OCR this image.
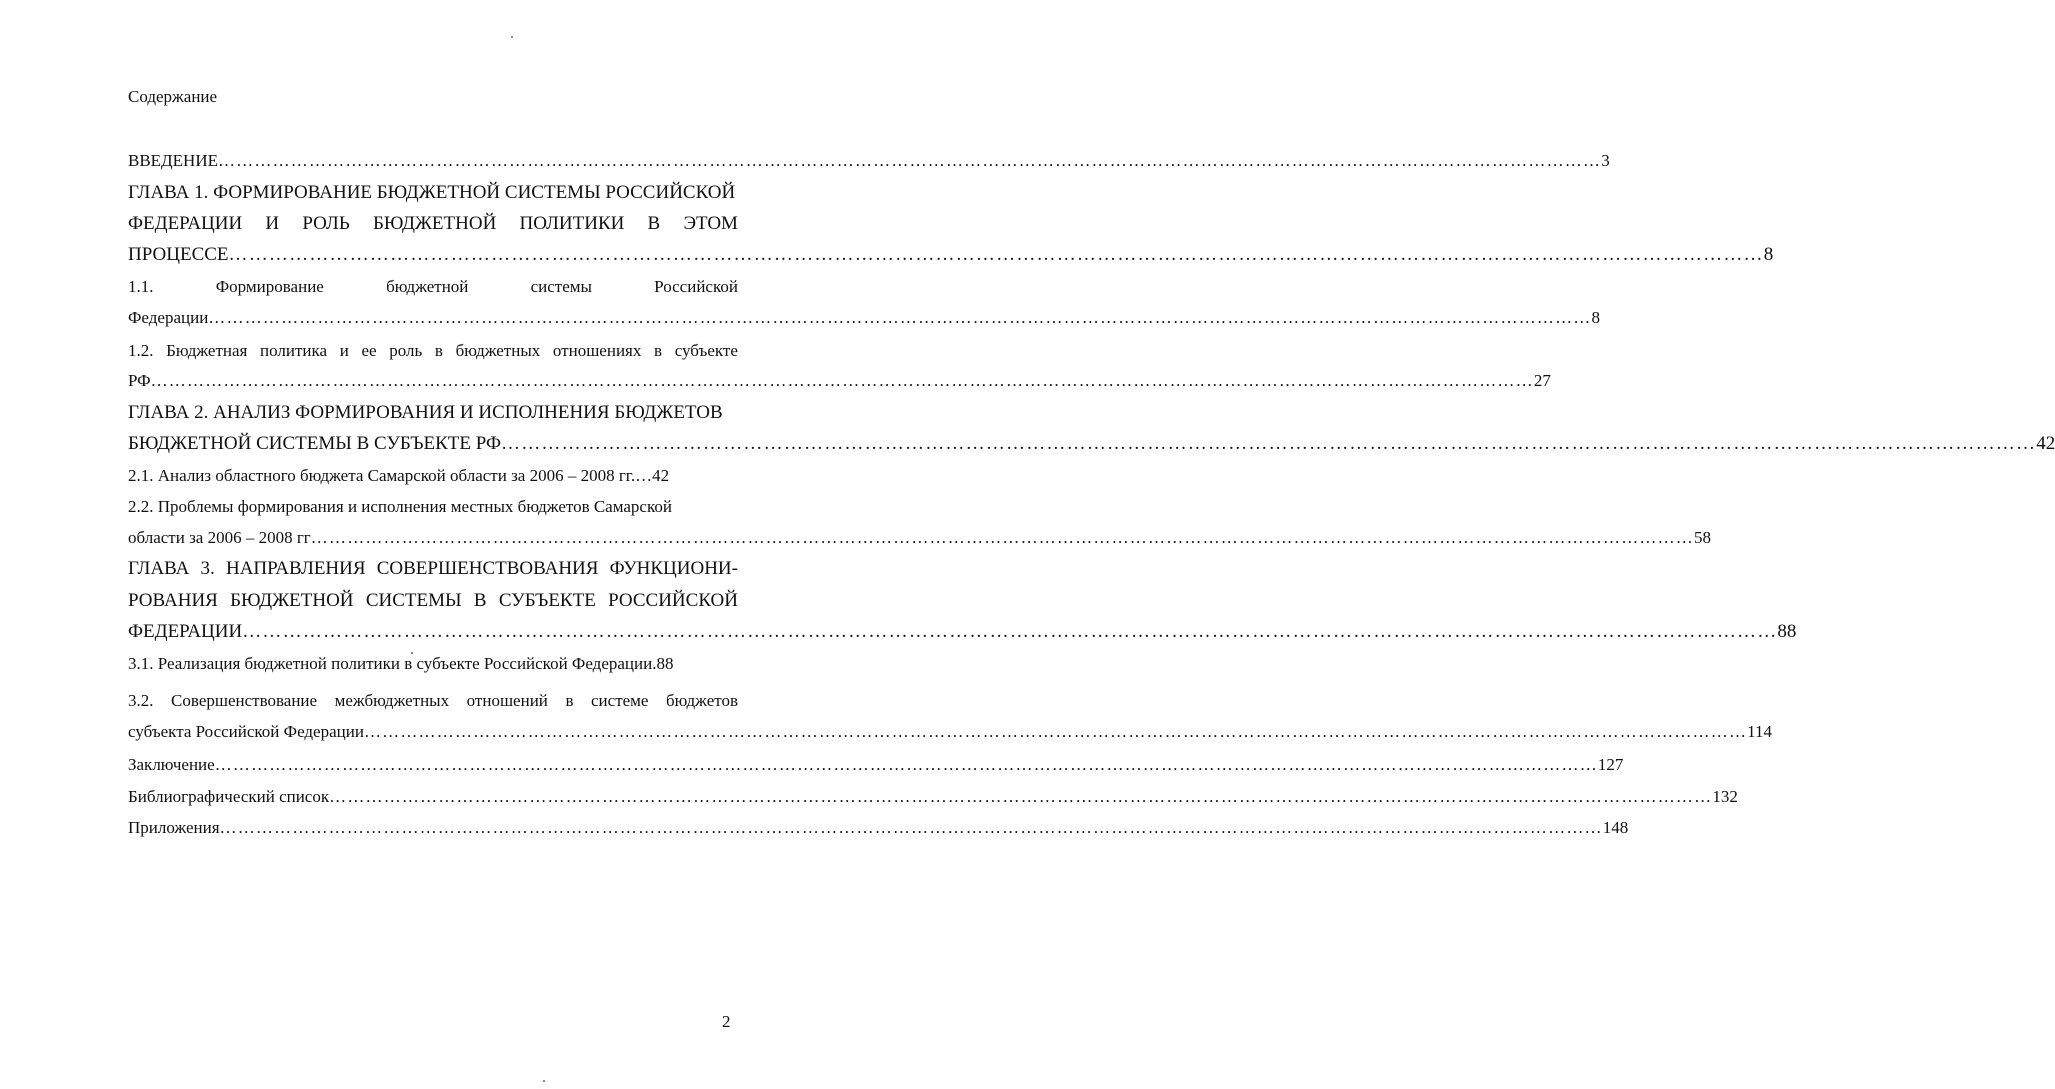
Содержание
ВВЕДЕНИЕ ………………………………………………………………………………………………………………………………………………………………………………………………………… 3
ГЛАВА 1. ФОРМИРОВАНИЕ БЮДЖЕТНОЙ СИСТЕМЫ РОССИЙСКОЙ
ФЕДЕРАЦИИ И РОЛЬ БЮДЖЕТНОЙ ПОЛИТИКИ В ЭТОМ
ПРОЦЕССЕ ………………………………………………………………………………………………………………………………………………………………………………………………………… 8
1.1.	Формирование	бюджетной	системы	Российской
Федерации ………………………………………………………………………………………………………………………………………………………………………………………………………… 8
1.2. Бюджетная политика и ее роль в бюджетных отношениях в субъекте
РФ ………………………………………………………………………………………………………………………………………………………………………………………………………… 27
ГЛАВА 2. АНАЛИЗ ФОРМИРОВАНИЯ И ИСПОЛНЕНИЯ БЮДЖЕТОВ
БЮДЖЕТНОЙ СИСТЕМЫ В СУБЪЕКТЕ РФ ………………………………………………………………………………………………………………………………………………………………………………………………………… 42
2.1. Анализ областного бюджета Самарской области за 2006 – 2008 гг.…42
2.2. Проблемы формирования и исполнения местных бюджетов Самарской
области за 2006 – 2008 гг ………………………………………………………………………………………………………………………………………………………………………………………………………… 58
ГЛАВА 3. НАПРАВЛЕНИЯ СОВЕРШЕНСТВОВАНИЯ ФУНКЦИОНИ-
РОВАНИЯ БЮДЖЕТНОЙ СИСТЕМЫ В СУБЪЕКТЕ РОССИЙСКОЙ
ФЕДЕРАЦИИ ………………………………………………………………………………………………………………………………………………………………………………………………………… 88
3.1. Реализация бюджетной политики в субъекте Российской Федерации.88
3.2. Совершенствование межбюджетных отношений в системе бюджетов
субъекта Российской Федерации ………………………………………………………………………………………………………………………………………………………………………………………………………… 114
Заключение ………………………………………………………………………………………………………………………………………………………………………………………………………… 127
Библиографический список ………………………………………………………………………………………………………………………………………………………………………………………………………… 132
Приложения ………………………………………………………………………………………………………………………………………………………………………………………………………… 148
2
